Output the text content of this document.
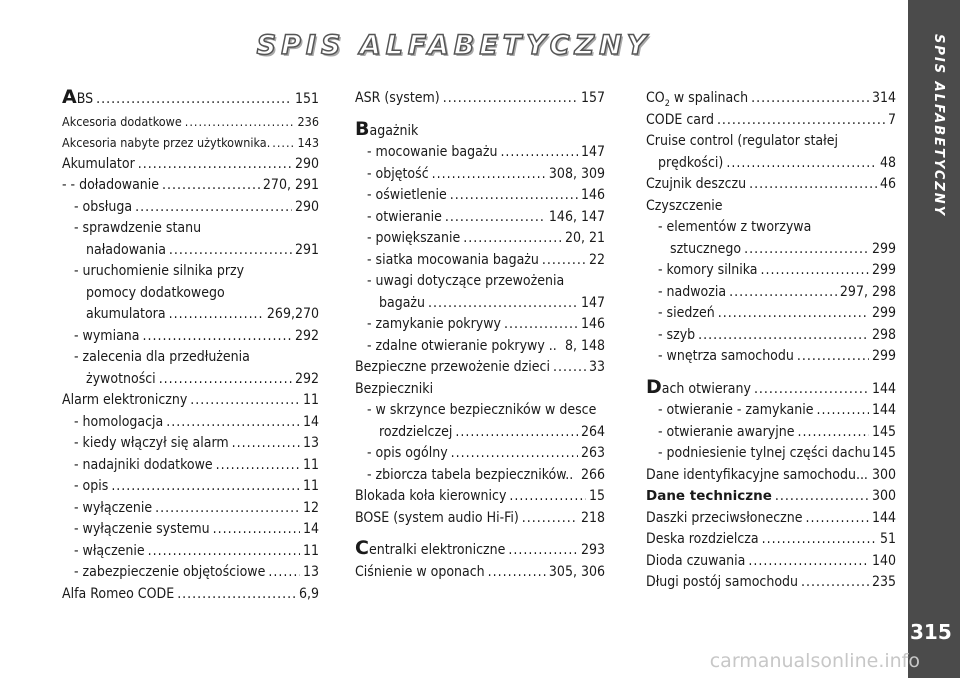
SPIS ALFABETYCZNY
ABS .....	151
Akcesoria dodatkowe .....	236
Akcesoria nabyte przez użytkownika. ..... 143
Akumulator .....	290
- - doładowanie .....	270, 291
- obsługa .....	290
- sprawdzenie stanu
naładowania .....	291
- uruchomienie silnika przy
pomocy dodatkowego
akumulatora .....	269,270
- wymiana .....	292
- zalecenia dla przedłużenia
żywotności .....	292
Alarm elektroniczny .....	11
- homologacja .....	14
- kiedy włączył się alarm .....	13
- nadajniki dodatkowe .....	11
- opis .....	11
- wyłączenie .....	12
- wyłączenie systemu .....	14
- włączenie .....	11
- zabezpieczenie objętościowe .....	13
Alfa Romeo CODE .....	6,9
ASR (system) .....	157
Bagażnik
- mocowanie bagażu .....	147
- objętość .....	308, 309
- oświetlenie .....	146
- otwieranie .....	146, 147
- powiększanie .....	20, 21
- siatka mocowania bagażu .....	22
- uwagi dotyczące przewożenia
bagażu .....	147
- zamykanie pokrywy .....	146
- zdalne otwieranie pokrywy .. 8, 148
Bezpieczne przewożenie dzieci .....	33
Bezpieczniki
- w skrzynce bezpieczników w desce
rozdzielczej .....	264
- opis ogólny .....	263
- zbiorcza tabela bezpieczników.. 266
Blokada koła kierownicy .....	15
BOSE (system audio Hi-Fi) .....	218
Centralki elektroniczne .....	293
Ciśnienie w oponach .....	305, 306
$CO_2$ w spalinach .....	314
CODE card .....	7
Cruise control (regulator stałej
prędkości) .....	48
Czujnik deszczu .....	46
Czyszczenie
- elementów z tworzywa
sztucznego .....	299
- komory silnika .....	299
- nadwozia .....	297, 298
- siedzeń .....	299
- szyb .....	298
- wnętrza samochodu .....	299
Dach otwierany .....	144
- otwieranie - zamykanie .....	144
- otwieranie awaryjne .....	145
- podniesienie tylnej części dachu 145
Dane identyfikacyjne samochodu... 300
Dane techniczne .....	300
Daszki przeciwsłoneczne .....	144
Deska rozdzielcza .....	51
Dioda czuwania .....	140
Długi postój samochodu .....	235
SPIS ALFABETYCZNY
315
carmanualsonline.info
